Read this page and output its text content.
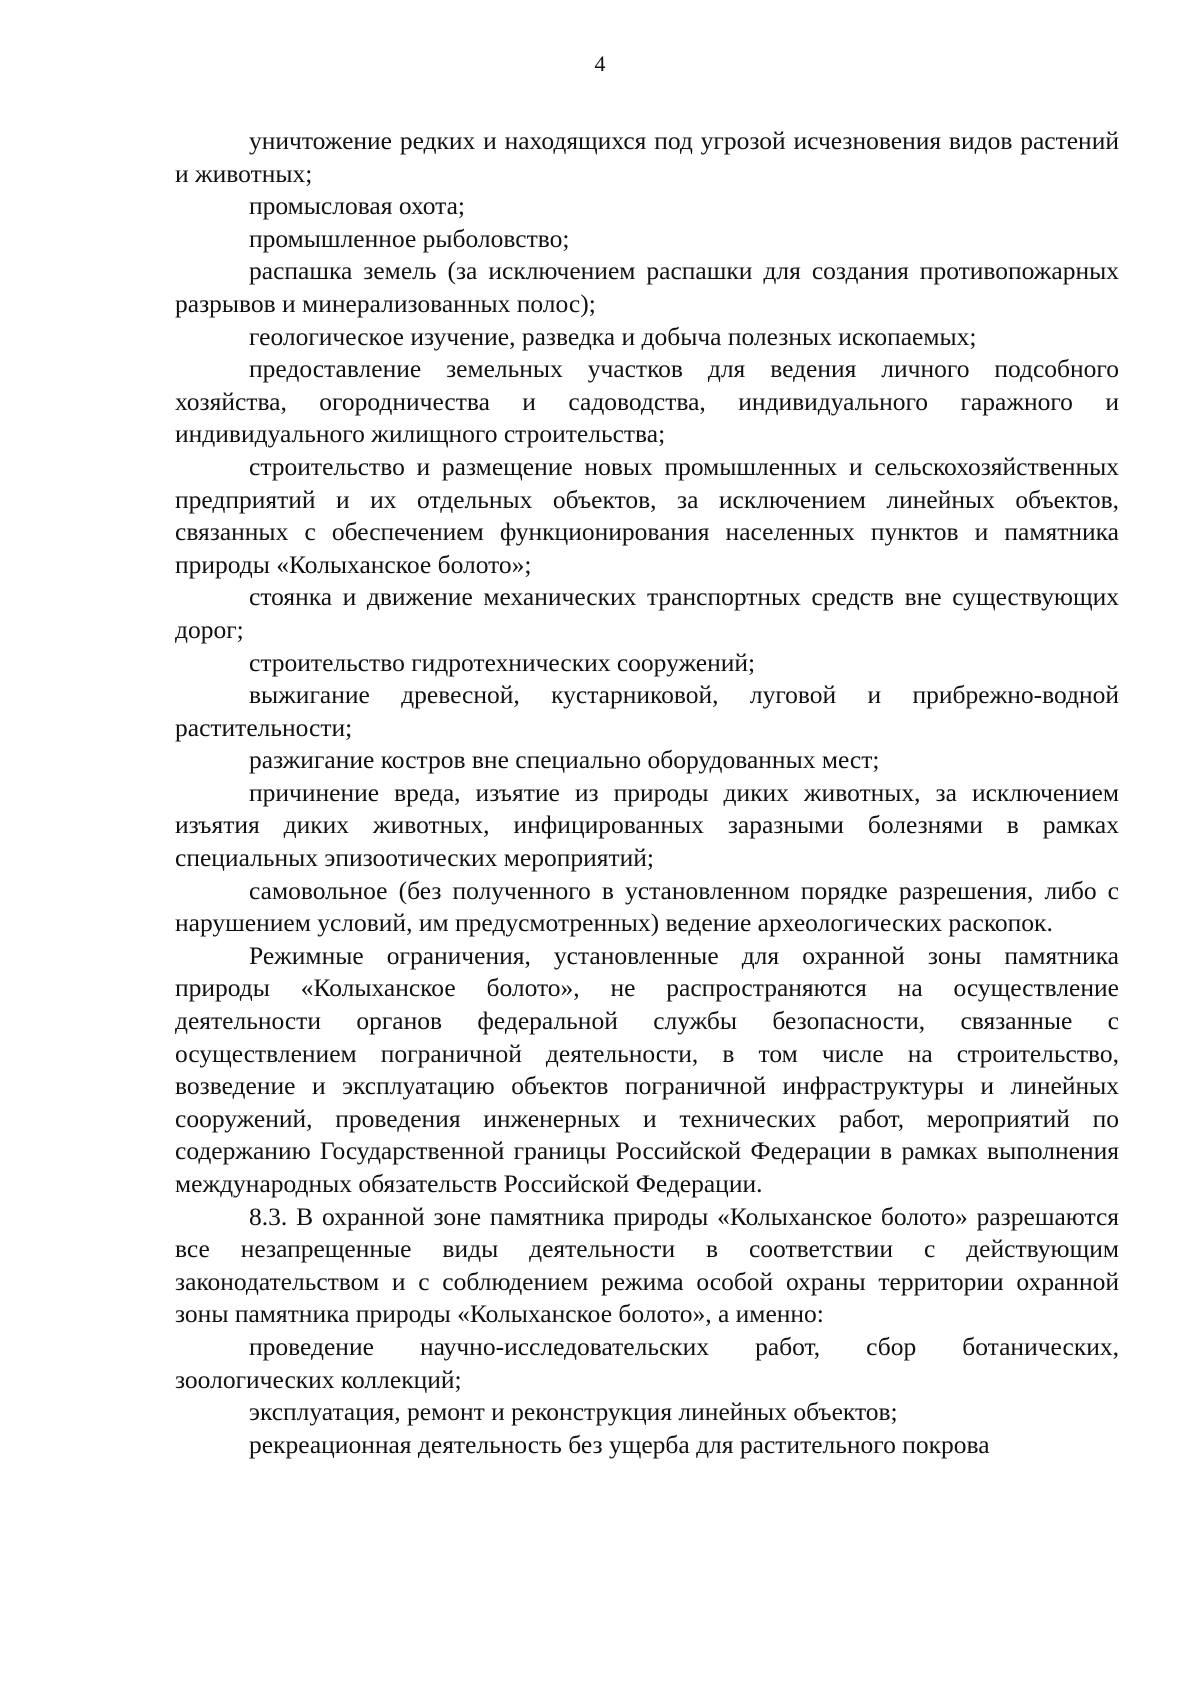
4

уничтожение редких и находящихся под угрозой исчезновения видов растений и животных;

промысловая охота;

промышленное рыболовство;

распашка земель (за исключением распашки для создания противопожарных разрывов и минерализованных полос);

геологическое изучение, разведка и добыча полезных ископаемых;

предоставление земельных участков для ведения личного подсобного хозяйства, огородничества и садоводства, индивидуального гаражного и индивидуального жилищного строительства;

строительство и размещение новых промышленных и сельскохозяйственных предприятий и их отдельных объектов, за исключением линейных объектов, связанных с обеспечением функционирования населенных пунктов и памятника природы «Колыханское болото»;

стоянка и движение механических транспортных средств вне существующих дорог;

строительство гидротехнических сооружений;

выжигание древесной, кустарниковой, луговой и прибрежно-водной растительности;

разжигание костров вне специально оборудованных мест;

причинение вреда, изъятие из природы диких животных, за исключением изъятия диких животных, инфицированных заразными болезнями в рамках специальных эпизоотических мероприятий;

самовольное (без полученного в установленном порядке разрешения, либо с нарушением условий, им предусмотренных) ведение археологических раскопок.

Режимные ограничения, установленные для охранной зоны памятника природы «Колыханское болото», не распространяются на осуществление деятельности органов федеральной службы безопасности, связанные с осуществлением пограничной деятельности, в том числе на строительство, возведение и эксплуатацию объектов пограничной инфраструктуры и линейных сооружений, проведения инженерных и технических работ, мероприятий по содержанию Государственной границы Российской Федерации в рамках выполнения международных обязательств Российской Федерации.

8.3. В охранной зоне памятника природы «Колыханское болото» разрешаются все незапрещенные виды деятельности в соответствии с действующим законодательством и с соблюдением режима особой охраны территории охранной зоны памятника природы «Колыханское болото», а именно:

проведение научно-исследовательских работ, сбор ботанических, зоологических коллекций;

эксплуатация, ремонт и реконструкция линейных объектов;

рекреационная деятельность без ущерба для растительного покрова
